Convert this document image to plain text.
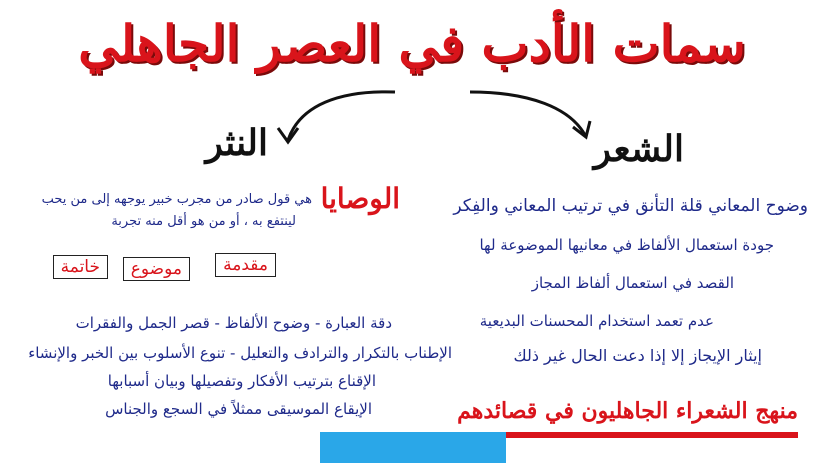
سمات الأدب في العصر الجاهلي
الشعر
وضوح المعاني قلة التأنق في ترتيب المعاني والفِكر
جودة استعمال الألفاظ في معانيها الموضوعة لها
القصد في استعمال ألفاظ المجاز
عدم تعمد استخدام المحسنات البديعية
إيثار الإيجاز إلا إذا دعت الحال غير ذلك
منهج الشعراء الجاهليون في قصائدهم
النثر
الوصايا
هي قول صادر من مجرب خبير يوجهه إلى من يحب
لينتفع به ، أو من هو أقل منه تجربة
مقدمة
موضوع
خاتمة
دقة العبارة - وضوح الألفاظ - قصر الجمل والفقرات
الإطناب بالتكرار والترادف والتعليل - تنوع الأسلوب بين الخبر والإنشاء
الإقناع بترتيب الأفكار وتفصيلها وبيان أسبابها
الإيقاع الموسيقى ممثلاً في السجع والجناس
